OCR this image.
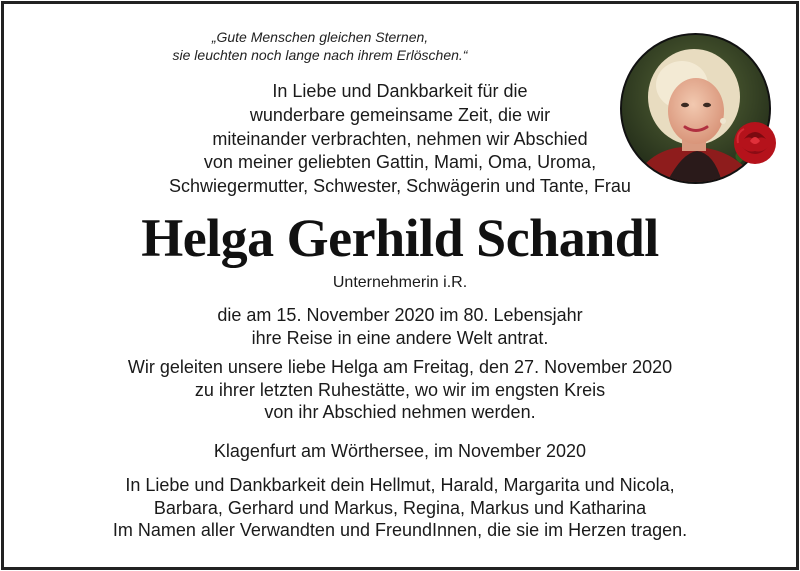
„Gute Menschen gleichen Sternen,
sie leuchten noch lange nach ihrem Erlöschen.“
In Liebe und Dankbarkeit für die
wunderbare gemeinsame Zeit, die wir
miteinander verbrachten, nehmen wir Abschied
von meiner geliebten Gattin, Mami, Oma, Uroma,
Schwiegermutter, Schwester, Schwägerin und Tante, Frau
Helga Gerhild Schandl
Unternehmerin i.R.
die am 15. November 2020 im 80. Lebensjahr
ihre Reise in eine andere Welt antrat.
Wir geleiten unsere liebe Helga am Freitag, den 27. November 2020
zu ihrer letzten Ruhestätte, wo wir im engsten Kreis
von ihr Abschied nehmen werden.
Klagenfurt am Wörthersee, im November 2020
In Liebe und Dankbarkeit dein Hellmut, Harald, Margarita und Nicola,
Barbara, Gerhard und Markus, Regina, Markus und Katharina
Im Namen aller Verwandten und FreundInnen, die sie im Herzen tragen.
